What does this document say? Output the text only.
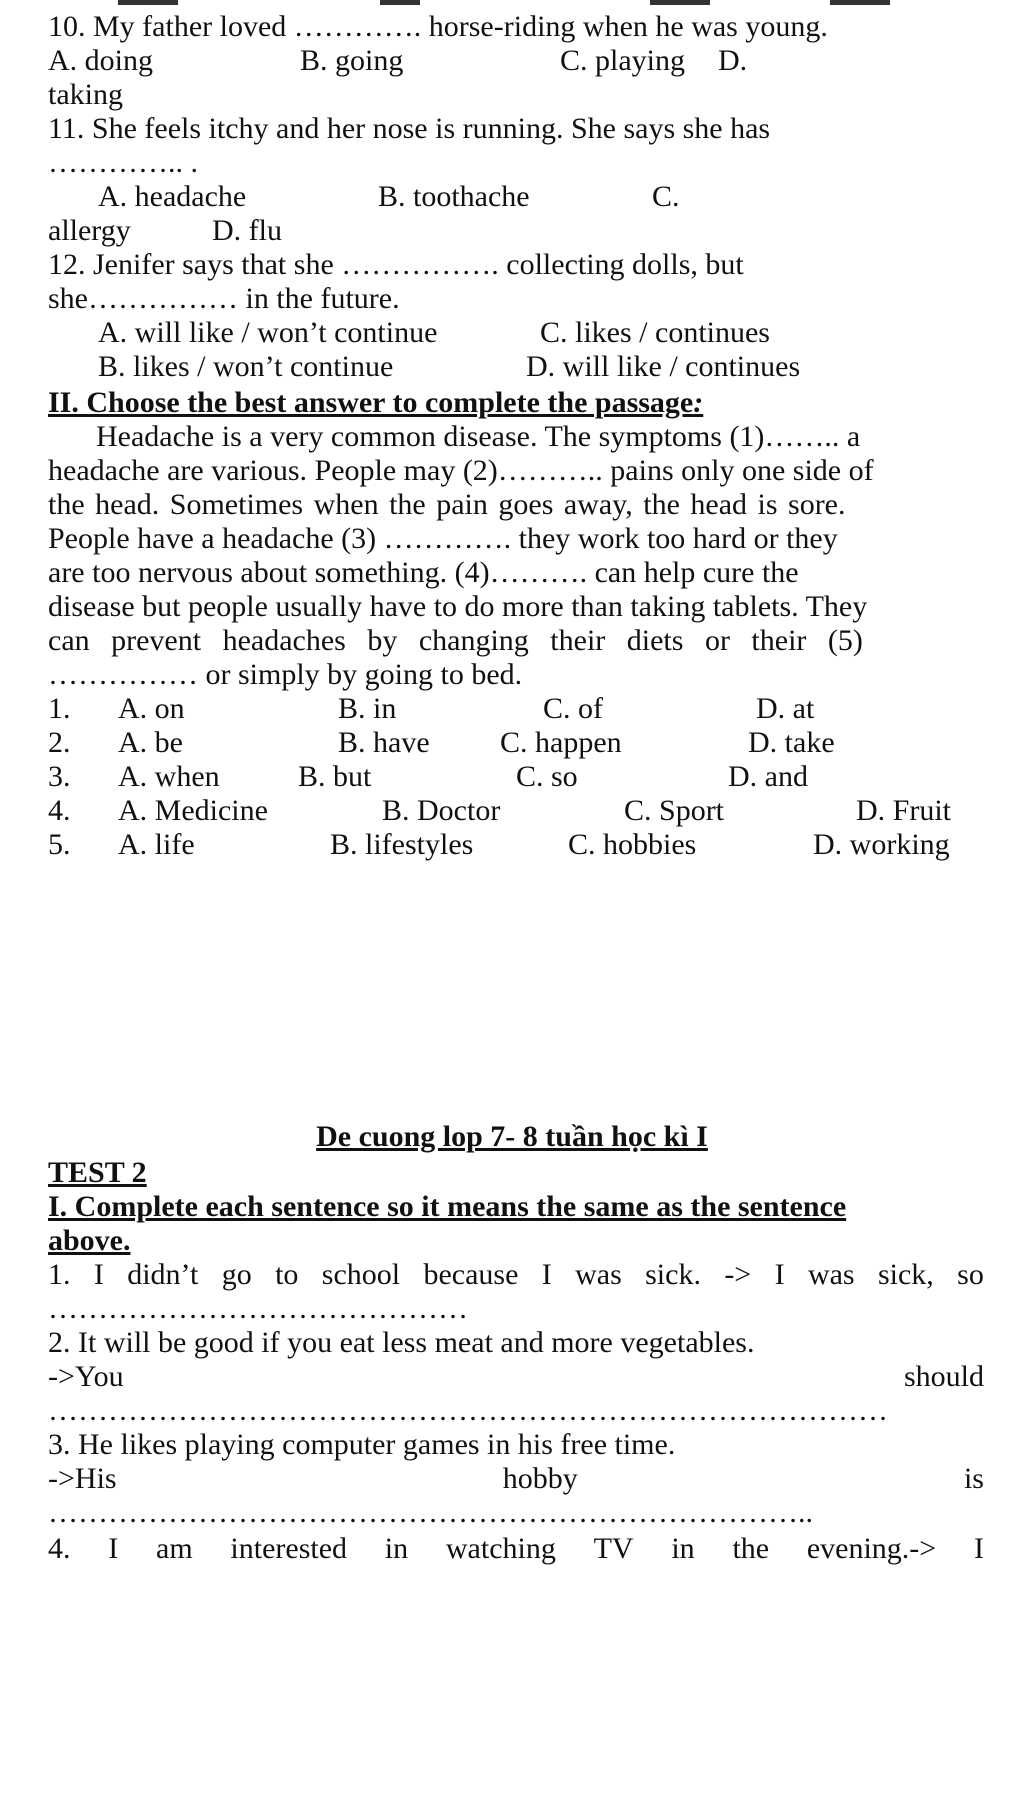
10. My father loved …………. horse-riding when he was young.
A. doing	B. going	C. playing D.
taking
11. She feels itchy and her nose is running. She says she has
………….. .
A. headache	B. toothache	C.
allergy	D. flu
12. Jenifer says that she ……………. collecting dolls, but
she…………… in the future.
A. will like / won’t continue	C. likes / continues
B. likes / won’t continue	D. will like / continues
II. Choose the best answer to complete the passage:
Headache is a very common disease. The symptoms (1)…….. a
headache are various. People may (2)……….. pains only one side of
the head. Sometimes when the pain goes away, the head is sore.
People have a headache (3) …………. they work too hard or they
are too nervous about something. (4)………. can help cure the
disease but people usually have to do more than taking tablets. They
can prevent headaches by changing their diets or their (5)
…………… or simply by going to bed.
1. A. on	B. in	C. of	D. at
2. A. be	B. have C. happen	D. take
3. A. when	B. but	C. so	D. and
4. A. Medicine	B. Doctor	C. Sport	D. Fruit
5. A. life	B. lifestyles	C. hobbies	D. working
De cuong lop 7- 8 tuần học kì I
TEST 2
I. Complete each sentence so it means the same as the sentence
above.
1. I didn’t go to school because I was sick. -> I was sick, so
……………………………………
2. It will be good if you eat less meat and more vegetables.
->You	should
…………………………………………………………………………
3. He likes playing computer games in his free time.
->His	hobby	is
…………………………………………………………………..
4. I am interested in watching TV in the evening.-> I
